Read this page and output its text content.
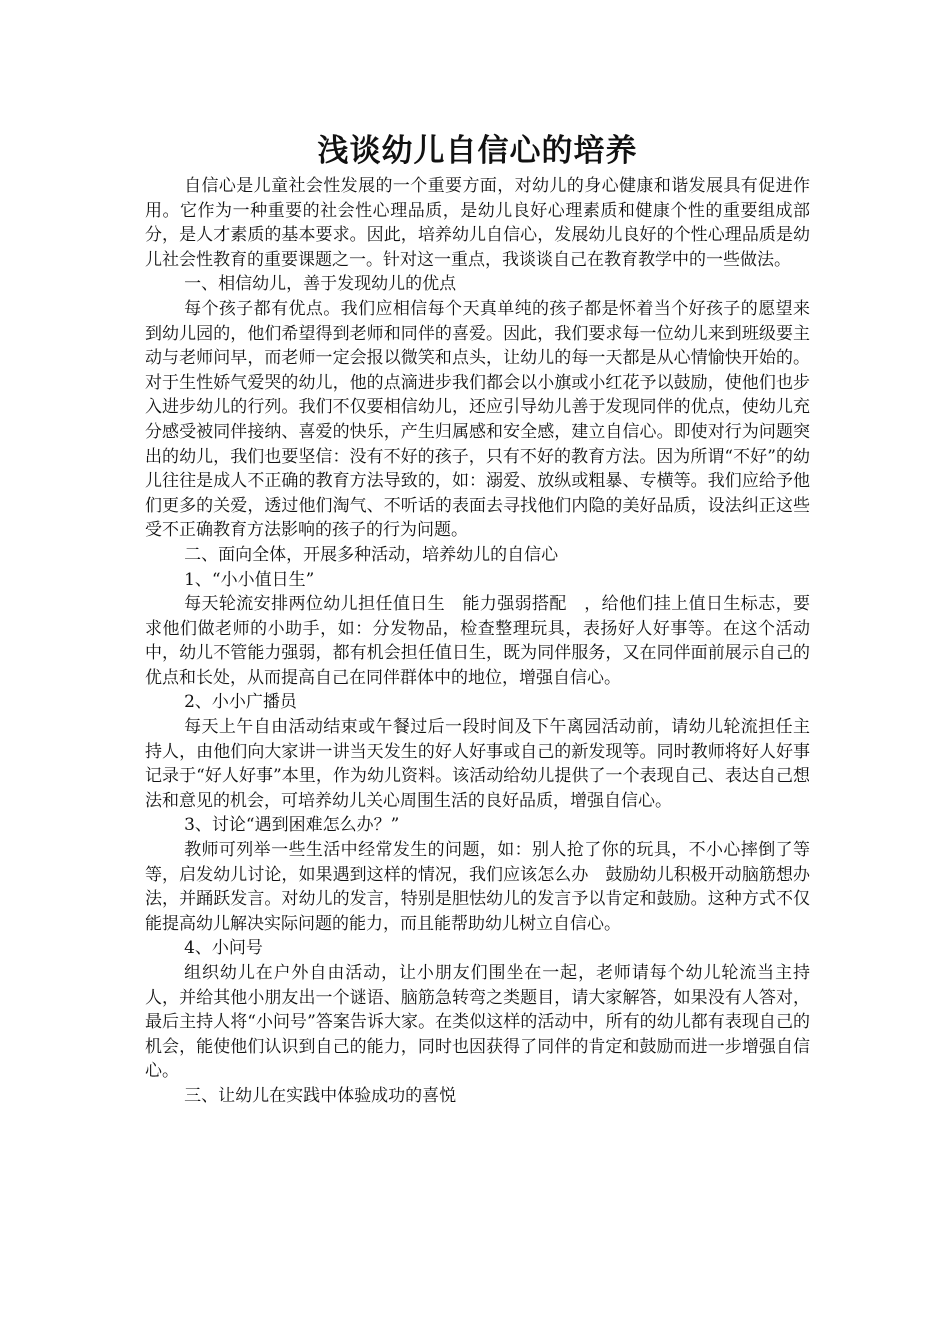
浅谈幼儿自信心的培养

自信心是儿童社会性发展的一个重要方面，对幼儿的身心健康和谐发展具有促进作用。它作为一种重要的社会性心理品质，是幼儿良好心理素质和健康个性的重要组成部分，是人才素质的基本要求。因此，培养幼儿自信心，发展幼儿良好的个性心理品质是幼儿社会性教育的重要课题之一。针对这一重点，我谈谈自己在教育教学中的一些做法。

一、相信幼儿，善于发现幼儿的优点

每个孩子都有优点。我们应相信每个天真单纯的孩子都是怀着当个好孩子的愿望来到幼儿园的，他们希望得到老师和同伴的喜爱。因此，我们要求每一位幼儿来到班级要主动与老师问早，而老师一定会报以微笑和点头，让幼儿的每一天都是从心情愉快开始的。对于生性娇气爱哭的幼儿，他的点滴进步我们都会以小旗或小红花予以鼓励，使他们也步入进步幼儿的行列。我们不仅要相信幼儿，还应引导幼儿善于发现同伴的优点，使幼儿充分感受被同伴接纳、喜爱的快乐，产生归属感和安全感，建立自信心。即使对行为问题突出的幼儿，我们也要坚信：没有不好的孩子，只有不好的教育方法。因为所谓“不好”的幼儿往往是成人不正确的教育方法导致的，如：溺爱、放纵或粗暴、专横等。我们应给予他们更多的关爱，透过他们淘气、不听话的表面去寻找他们内隐的美好品质，设法纠正这些受不正确教育方法影响的孩子的行为问题。

二、面向全体，开展多种活动，培养幼儿的自信心

1、“小小值日生”

每天轮流安排两位幼儿担任值日生　能力强弱搭配　，给他们挂上值日生标志，要求他们做老师的小助手，如：分发物品，检查整理玩具，表扬好人好事等。在这个活动中，幼儿不管能力强弱，都有机会担任值日生，既为同伴服务，又在同伴面前展示自己的优点和长处，从而提高自己在同伴群体中的地位，增强自信心。

2、小小广播员

每天上午自由活动结束或午餐过后一段时间及下午离园活动前，请幼儿轮流担任主持人，由他们向大家讲一讲当天发生的好人好事或自己的新发现等。同时教师将好人好事记录于“好人好事”本里，作为幼儿资料。该活动给幼儿提供了一个表现自己、表达自己想法和意见的机会，可培养幼儿关心周围生活的良好品质，增强自信心。

3、讨论“遇到困难怎么办？”

教师可列举一些生活中经常发生的问题，如：别人抢了你的玩具，不小心摔倒了等等，启发幼儿讨论，如果遇到这样的情况，我们应该怎么办　鼓励幼儿积极开动脑筋想办法，并踊跃发言。对幼儿的发言，特别是胆怯幼儿的发言予以肯定和鼓励。这种方式不仅能提高幼儿解决实际问题的能力，而且能帮助幼儿树立自信心。

4、小问号

组织幼儿在户外自由活动，让小朋友们围坐在一起，老师请每个幼儿轮流当主持人，并给其他小朋友出一个谜语、脑筋急转弯之类题目，请大家解答，如果没有人答对，最后主持人将“小问号”答案告诉大家。在类似这样的活动中，所有的幼儿都有表现自己的机会，能使他们认识到自己的能力，同时也因获得了同伴的肯定和鼓励而进一步增强自信心。

三、让幼儿在实践中体验成功的喜悦
